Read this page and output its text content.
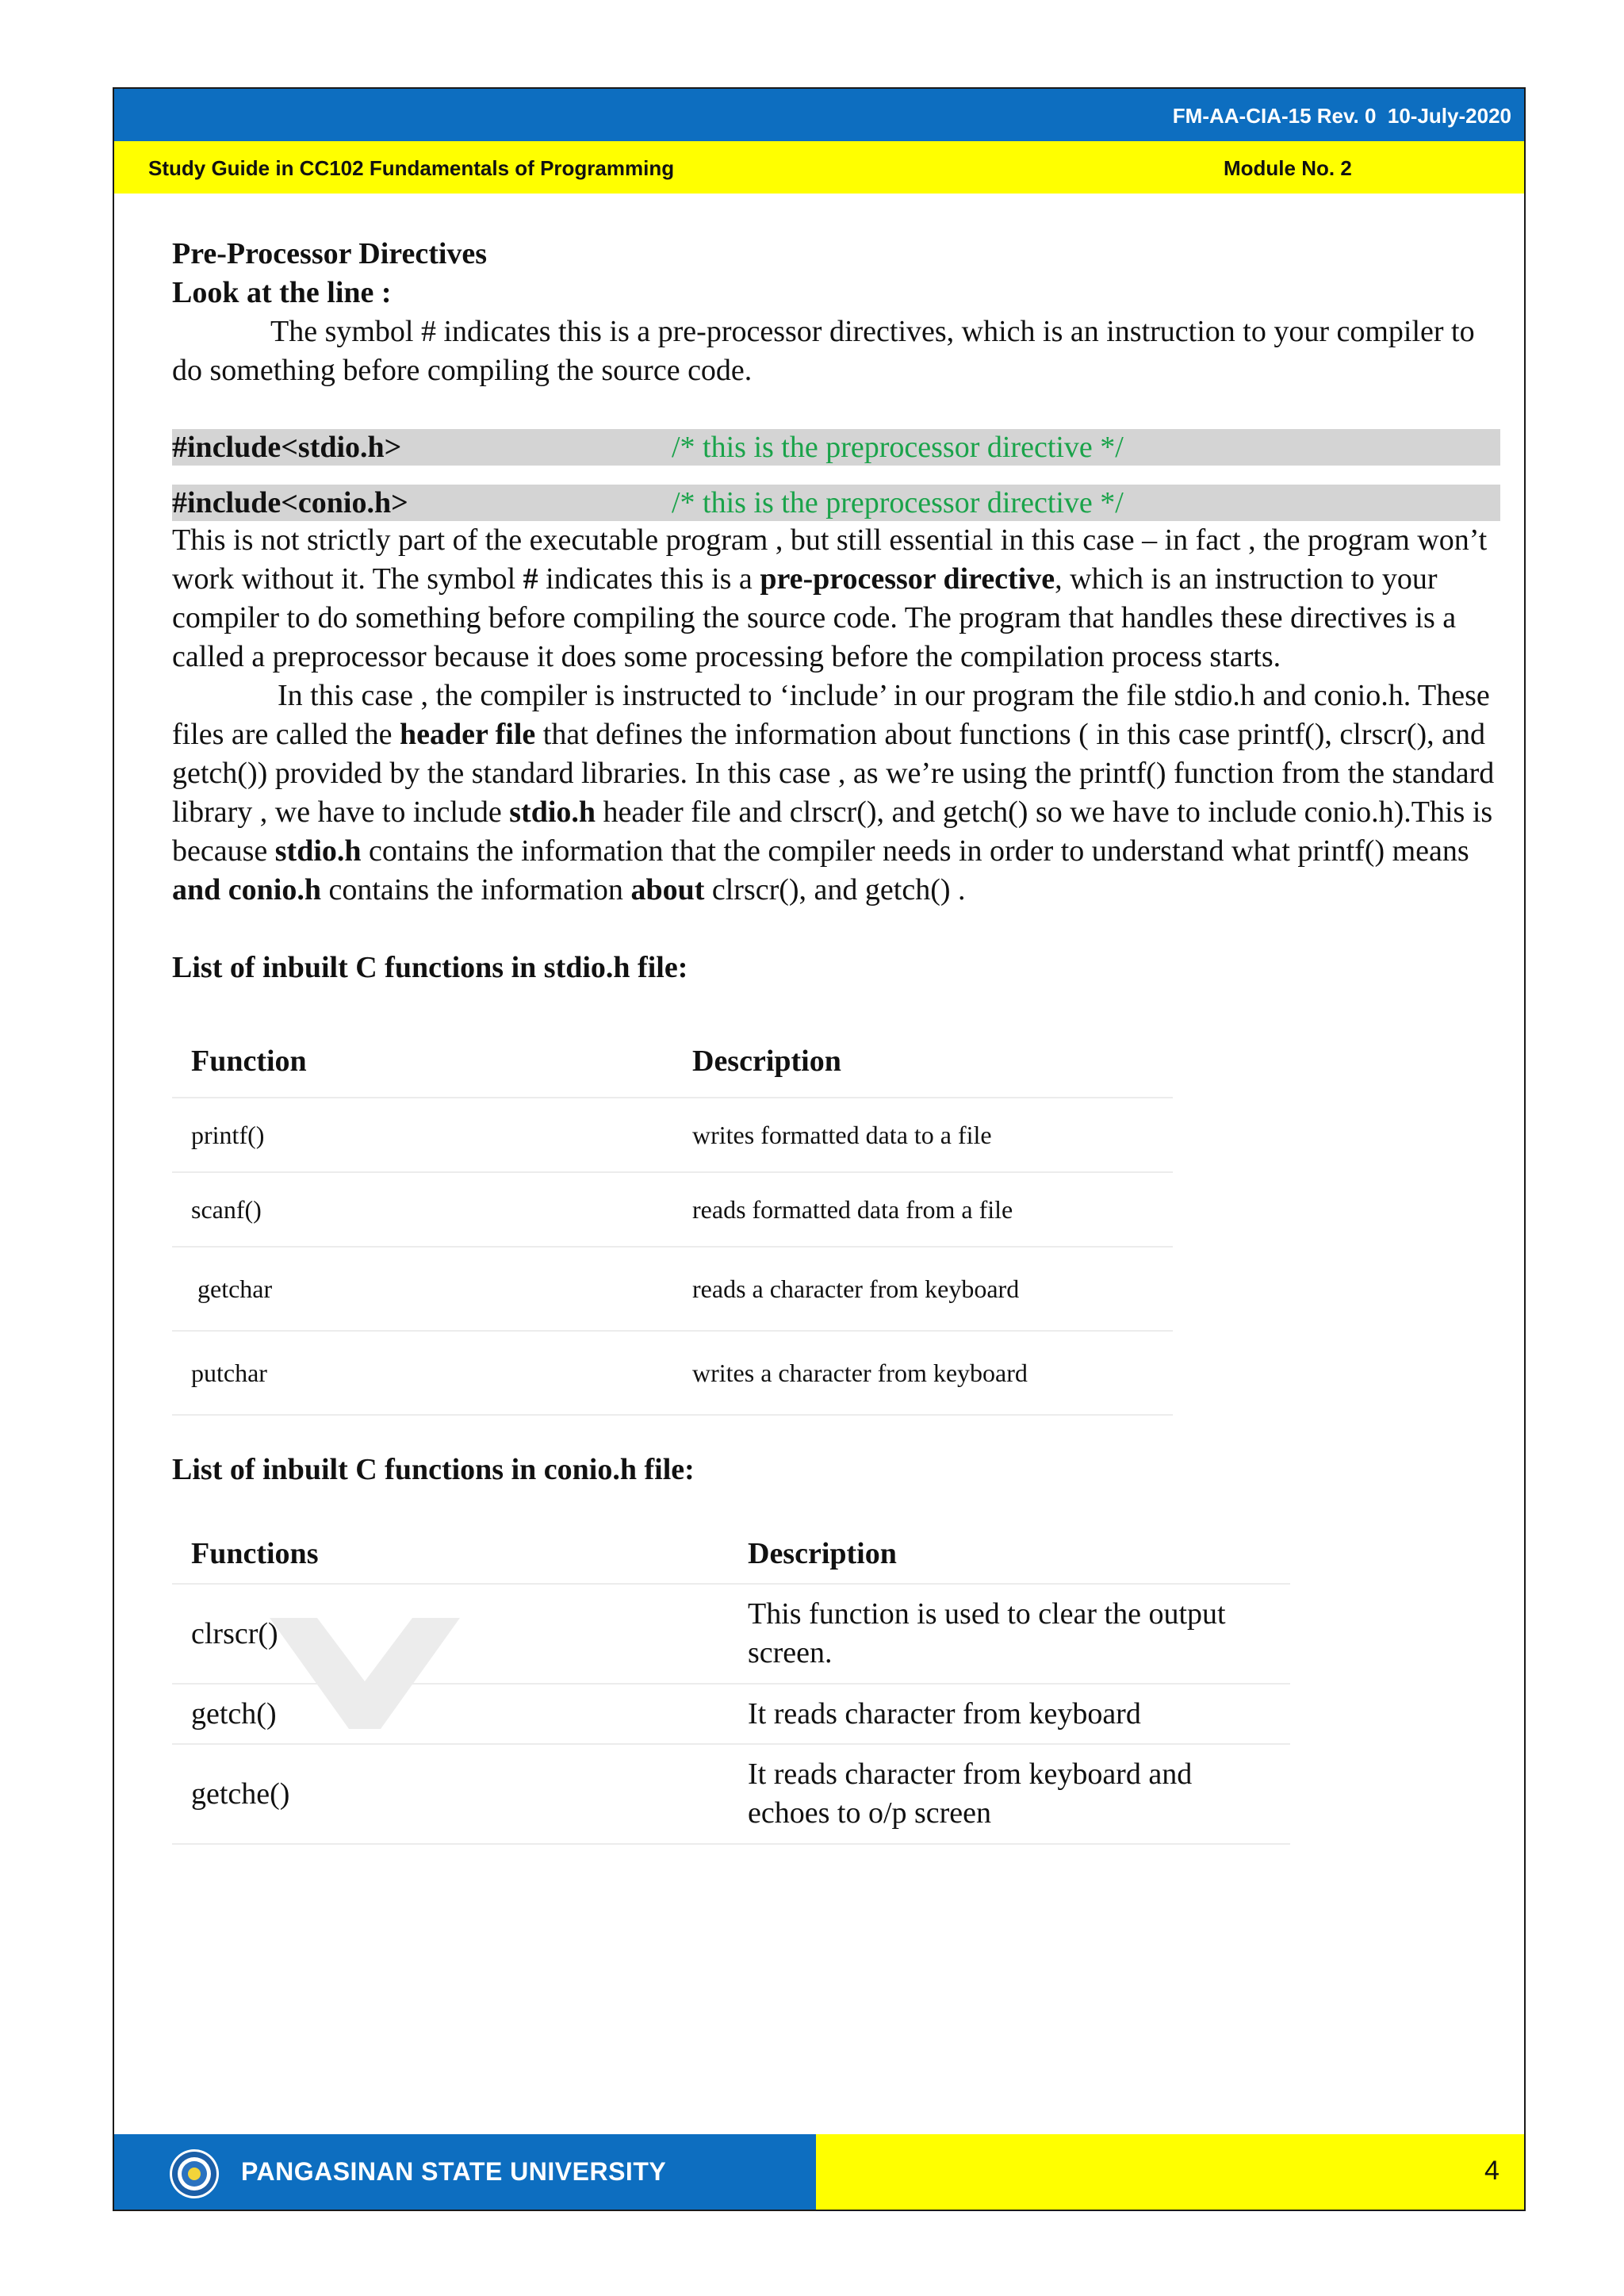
FM-AA-CIA-15 Rev. 0  10-July-2020
Study Guide in CC102 Fundamentals of Programming	Module No. 2

Pre-Processor Directives

Look at the line :

The symbol # indicates this is a pre-processor directives, which is an instruction to your compiler to do something before compiling the source code.

#include<stdio.h>	/* this is the preprocessor directive */
#include<conio.h>	/* this is the preprocessor directive */

This is not strictly part of the executable program , but still essential in this case – in fact , the program won’t work without it. The symbol # indicates this is a pre-processor directive, which is an instruction to your compiler to do something before compiling the source code. The program that handles these directives is a called a preprocessor because it does some processing before the compilation process starts.

In this case , the compiler is instructed to ‘include’ in our program the file stdio.h and conio.h. These files are called the header file that defines the information about functions ( in this case printf(), clrscr(), and getch()) provided by the standard libraries. In this case , as we’re using the printf() function from the standard library , we have to include stdio.h header file and clrscr(), and getch() so we have to include conio.h).This is because stdio.h contains the information that the compiler needs in order to understand what printf() means and conio.h contains the information about clrscr(), and getch() .

List of inbuilt C functions in stdio.h file:

Function	Description
printf()	writes formatted data to a file
scanf()	reads formatted data from a file
getchar	reads a character from keyboard
putchar	writes a character from keyboard

List of inbuilt C functions in conio.h file:

Functions	Description
clrscr()	This function is used to clear the output screen.
getch()	It reads character from keyboard
getche()	It reads character from keyboard and echoes to o/p screen
PANGASINAN STATE UNIVERSITY	4
